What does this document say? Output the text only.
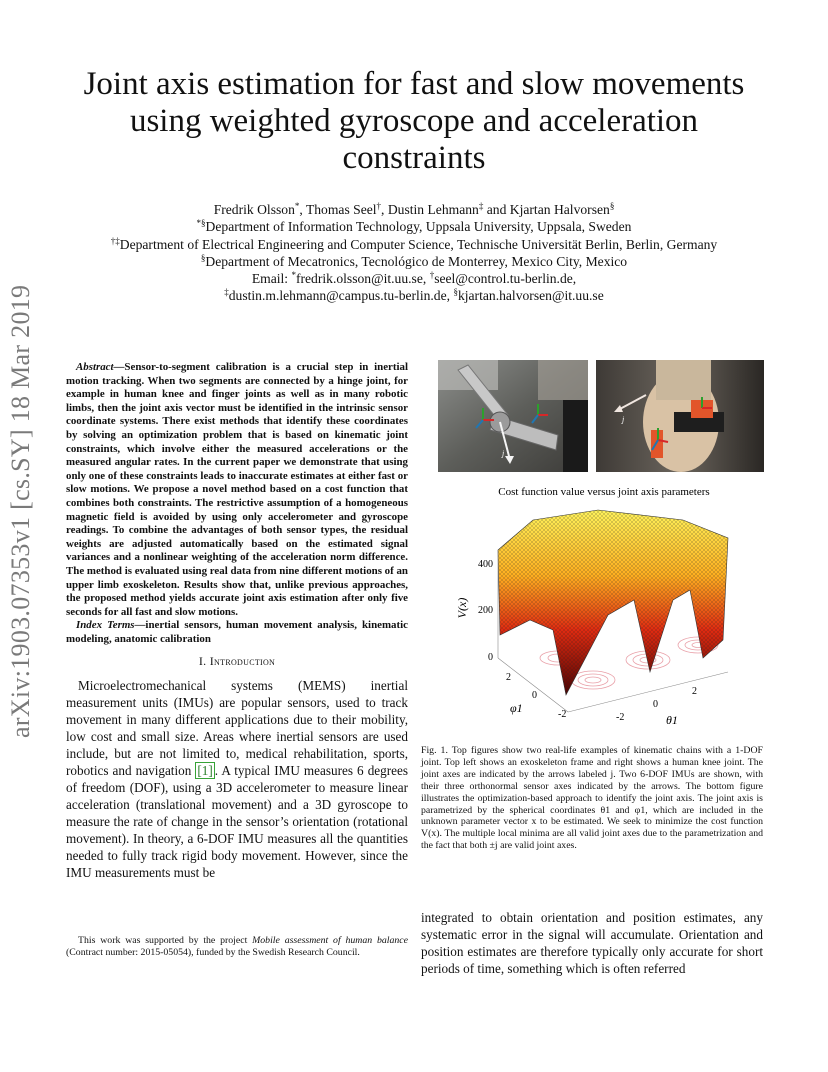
arXiv:1903.07353v1 [cs.SY] 18 Mar 2019
Joint axis estimation for fast and slow movements
using weighted gyroscope and acceleration
constraints
Fredrik Olsson*, Thomas Seel†, Dustin Lehmann‡ and Kjartan Halvorsen§
*§Department of Information Technology, Uppsala University, Uppsala, Sweden
†‡Department of Electrical Engineering and Computer Science, Technische Universität Berlin, Berlin, Germany
§Department of Mecatronics, Tecnológico de Monterrey, Mexico City, Mexico
Email: *fredrik.olsson@it.uu.se, †seel@control.tu-berlin.de,
‡dustin.m.lehmann@campus.tu-berlin.de, §kjartan.halvorsen@it.uu.se

Abstract—Sensor-to-segment calibration is a crucial step in inertial motion tracking. When two segments are connected by a hinge joint, for example in human knee and finger joints as well as in many robotic limbs, then the joint axis vector must be identified in the intrinsic sensor coordinate systems. There exist methods that identify these coordinates by solving an optimization problem that is based on kinematic joint constraints, which involve either the measured accelerations or the measured angular rates. In the current paper we demonstrate that using only one of these constraints leads to inaccurate estimates at either fast or slow motions. We propose a novel method based on a cost function that combines both constraints. The restrictive assumption of a homogeneous magnetic field is avoided by using only accelerometer and gyroscope readings. To combine the advantages of both sensor types, the residual weights are adjusted automatically based on the estimated signal variances and a nonlinear weighting of the acceleration norm difference. The method is evaluated using real data from nine different motions of an upper limb exoskeleton. Results show that, unlike previous approaches, the proposed method yields accurate joint axis estimation after only five seconds for all fast and slow motions.

Index Terms—inertial sensors, human movement analysis, kinematic modeling, anatomic calibration

I. Introduction

Microelectromechanical systems (MEMS) inertial measurement units (IMUs) are popular sensors, used to track movement in many different applications due to their mobility, low cost and small size. Areas where inertial sensors are used include, but are not limited to, medical rehabilitation, sports, robotics and navigation [1] . A typical IMU measures 6 degrees of freedom (DOF), using a 3D accelerometer to measure linear acceleration (translational movement) and a 3D gyroscope to measure the rate of change in the sensor’s orientation (rotational movement). In theory, a 6-DOF IMU measures all the quantities needed to fully track rigid body movement. However, since the IMU measurements must be

This work was supported by the project Mobile assessment of human balance (Contract number: 2015-05054), funded by the Swedish Research Council.
j
j
Cost function value versus joint axis parameters
400
200
0
V(x)
2
0
-2
φ1
-2
0
2
θ1
Fig. 1. Top figures show two real-life examples of kinematic chains with a 1-DOF joint. Top left shows an exoskeleton frame and right shows a human knee joint. The joint axes are indicated by the arrows labeled j. Two 6-DOF IMUs are shown, with their three orthonormal sensor axes indicated by the arrows. The bottom figure illustrates the optimization-based approach to identify the joint axis. The joint axis is parametrized by the spherical coordinates θ1 and φ1, which are included in the unknown parameter vector x to be estimated. We seek to minimize the cost function V(x). The multiple local minima are all valid joint axes due to the parametrization and the fact that both ±j are valid joint axes.
integrated to obtain orientation and position estimates, any systematic error in the signal will accumulate. Orientation and position estimates are therefore typically only accurate for short periods of time, something which is often referred
